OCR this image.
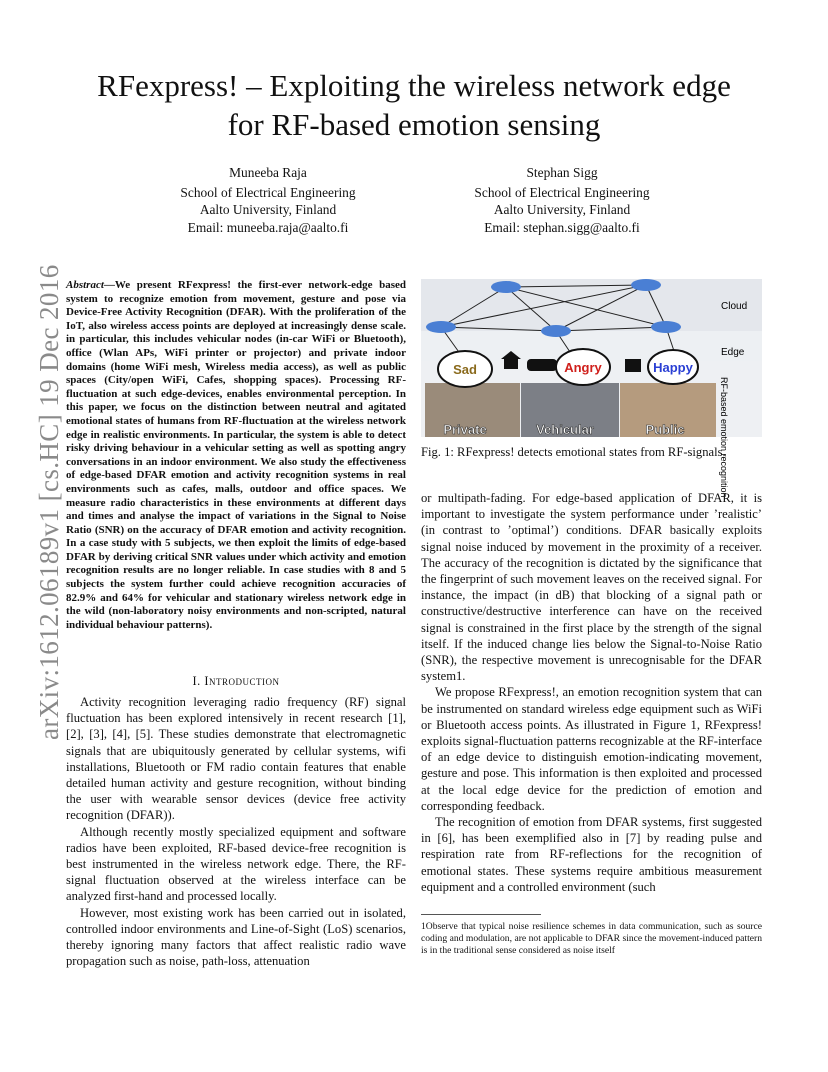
RFexpress! – Exploiting the wireless network edge
for RF-based emotion sensing
Muneeba Raja
School of Electrical Engineering
Aalto University, Finland
Email: muneeba.raja@aalto.fi
Stephan Sigg
School of Electrical Engineering
Aalto University, Finland
Email: stephan.sigg@aalto.fi
arXiv:1612.06189v1 [cs.HC] 19 Dec 2016 Abstract—We present RFexpress! the first-ever network-edge based system to recognize emotion from movement, gesture and pose via Device-Free Activity Recognition (DFAR). With the proliferation of the IoT, also wireless access points are deployed at increasingly dense scale. in particular, this includes vehicular nodes (in-car WiFi or Bluetooth), office (Wlan APs, WiFi printer or projector) and private indoor domains (home WiFi mesh, Wireless media access), as well as public spaces (City/open WiFi, Cafes, shopping spaces). Processing RF-fluctuation at such edge-devices, enables environmental perception. In this paper, we focus on the distinction between neutral and agitated emotional states of humans from RF-fluctuation at the wireless network edge in realistic environments. In particular, the system is able to detect risky driving behaviour in a vehicular setting as well as spotting angry conversations in an indoor environment. We also study the effectiveness of edge-based DFAR emotion and activity recognition systems in real environments such as cafes, malls, outdoor and office spaces. We measure radio characteristics in these environments at different days and times and analyse the impact of variations in the Signal to Noise Ratio (SNR) on the accuracy of DFAR emotion and activity recognition. In a case study with 5 subjects, we then exploit the limits of edge-based DFAR by deriving critical SNR values under which activity and emotion recognition results are no longer reliable. In case studies with 8 and 5 subjects the system further could achieve recognition accuracies of 82.9% and 64% for vehicular and stationary wireless network edge in the wild (non-laboratory noisy environments and non-scripted, natural individual behaviour patterns).
I. Introduction

Activity recognition leveraging radio frequency (RF) signal fluctuation has been explored intensively in recent research [1], [2], [3], [4], [5]. These studies demonstrate that electromagnetic signals that are ubiquitously generated by cellular systems, wifi installations, Bluetooth or FM radio contain features that enable detailed human activity and gesture recognition, without binding the user with wearable sensor devices (device free activity recognition (DFAR)).

Although recently mostly specialized equipment and software radios have been exploited, RF-based device-free recognition is best instrumented in the wireless network edge. There, the RF-signal fluctuation observed at the wireless interface can be analyzed first-hand and processed locally.

However, most existing work has been carried out in isolated, controlled indoor environments and Line-of-Sight (LoS) scenarios, thereby ignoring many factors that affect realistic radio wave propagation such as noise, path-loss, attenuation

Cloud
Edge
Sad	Angry	Happy
Private	Vehicular	Public	RF-based emotion recognition
Fig. 1: RFexpress! detects emotional states from RF-signals.

or multipath-fading. For edge-based application of DFAR, it is important to investigate the system performance under ’realistic’ (in contrast to ’optimal’) conditions. DFAR basically exploits signal noise induced by movement in the proximity of a receiver. The accuracy of the recognition is dictated by the significance that the fingerprint of such movement leaves on the received signal. For instance, the impact (in dB) that blocking of a signal path or constructive/destructive interference can have on the received signal is constrained in the first place by the strength of the signal itself. If the induced change lies below the Signal-to-Noise Ratio (SNR), the respective movement is unrecognisable for the DFAR system1.

We propose RFexpress!, an emotion recognition system that can be instrumented on standard wireless edge equipment such as WiFi or Bluetooth access points. As illustrated in Figure 1, RFexpress! exploits signal-fluctuation patterns recognizable at the RF-interface of an edge device to distinguish emotion-indicating movement, gesture and pose. This information is then exploited and processed at the local edge device for the prediction of emotion and corresponding feedback.

The recognition of emotion from DFAR systems, first suggested in [6], has been exemplified also in [7] by reading pulse and respiration rate from RF-reflections for the recognition of emotional states. These systems require ambitious measurement equipment and a controlled environment (such

1Observe that typical noise resilience schemes in data communication, such as source coding and modulation, are not applicable to DFAR since the movement-induced pattern is in the traditional sense considered as noise itself
